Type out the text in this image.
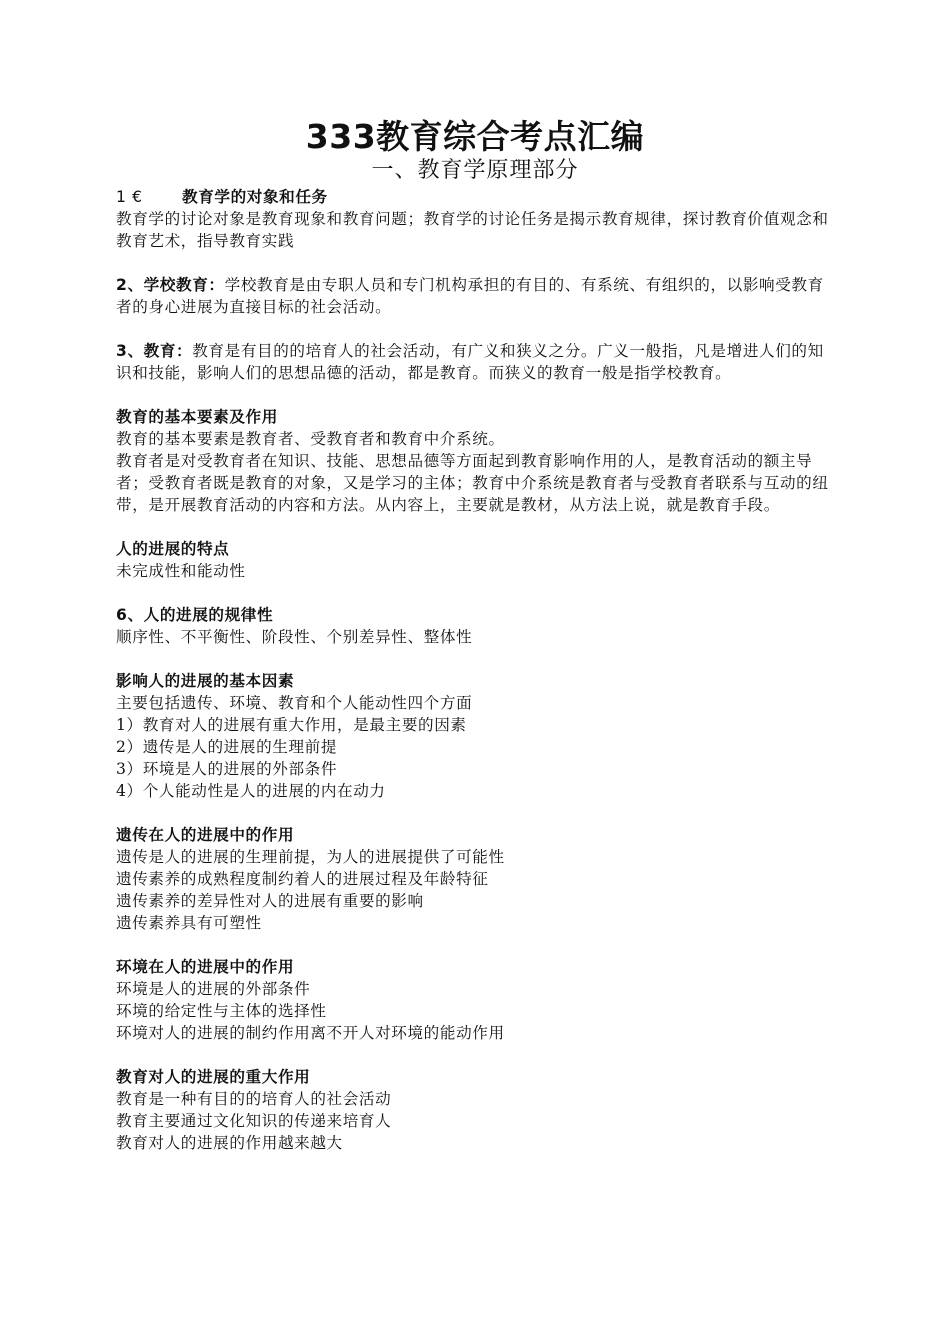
333教育综合考点汇编
一、教育学原理部分
1 €	教育学的对象和任务

教育学的讨论对象是教育现象和教育问题；教育学的讨论任务是揭示教育规律，探讨教育价值观念和教育艺术，指导教育实践

2、学校教育：学校教育是由专职人员和专门机构承担的有目的、有系统、有组织的，以影响受教育者的身心进展为直接目标的社会活动。

3、教育：教育是有目的的培育人的社会活动，有广义和狭义之分。广义一般指，凡是增进人们的知识和技能，影响人们的思想品德的活动，都是教育。而狭义的教育一般是指学校教育。

教育的基本要素及作用

教育的基本要素是教育者、受教育者和教育中介系统。

教育者是对受教育者在知识、技能、思想品德等方面起到教育影响作用的人，是教育活动的额主导者；受教育者既是教育的对象，又是学习的主体；教育中介系统是教育者与受教育者联系与互动的纽带，是开展教育活动的内容和方法。从内容上，主要就是教材，从方法上说，就是教育手段。

人的进展的特点

未完成性和能动性

6、人的进展的规律性

顺序性、不平衡性、阶段性、个别差异性、整体性

影响人的进展的基本因素

主要包括遗传、环境、教育和个人能动性四个方面

1）教育对人的进展有重大作用，是最主要的因素

2）遗传是人的进展的生理前提

3）环境是人的进展的外部条件

4）个人能动性是人的进展的内在动力

遗传在人的进展中的作用

遗传是人的进展的生理前提，为人的进展提供了可能性

遗传素养的成熟程度制约着人的进展过程及年龄特征

遗传素养的差异性对人的进展有重要的影响

遗传素养具有可塑性

环境在人的进展中的作用

环境是人的进展的外部条件

环境的给定性与主体的选择性

环境对人的进展的制约作用离不开人对环境的能动作用

教育对人的进展的重大作用

教育是一种有目的的培育人的社会活动

教育主要通过文化知识的传递来培育人

教育对人的进展的作用越来越大
